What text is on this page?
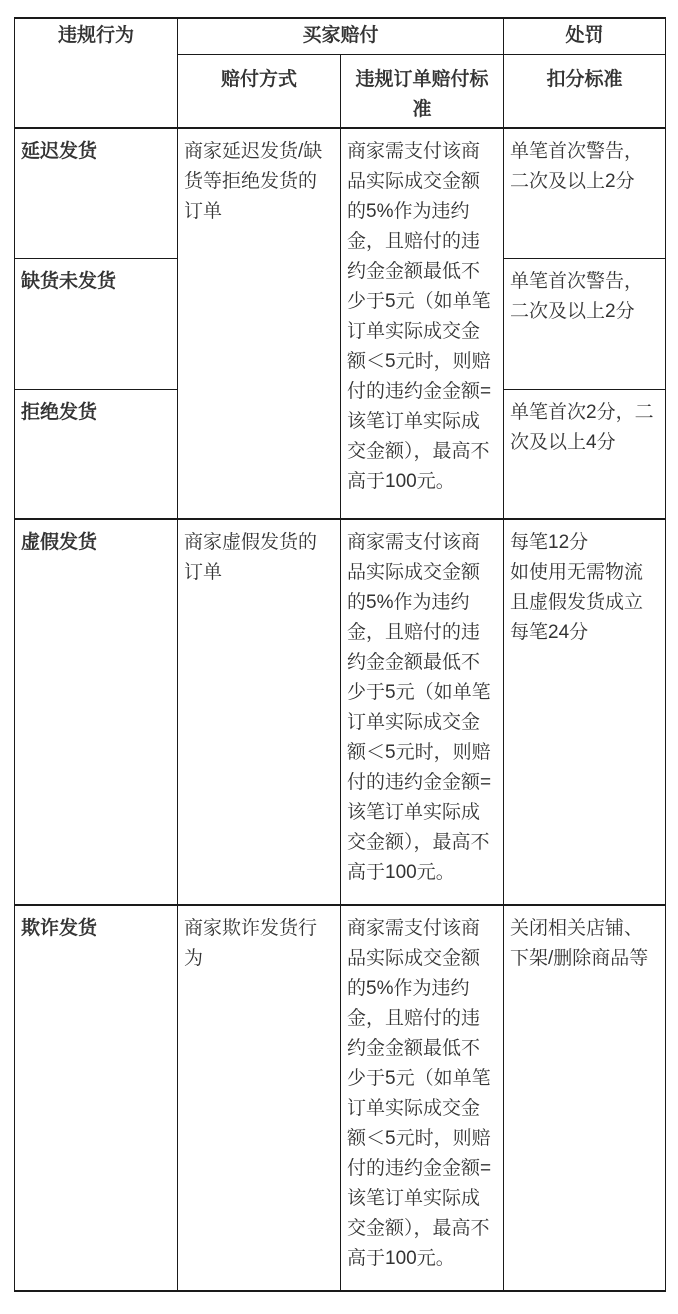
违规行为	买家赔付		处罚
	赔付方式	违规订单赔付标准	扣分标准
延迟发货	商家延迟发货/缺货等拒绝发货的订单	商家需支付该商品实际成交金额的5%作为违约金，且赔付的违约金金额最低不少于5元（如单笔订单实际成交金额＜5元时，则赔付的违约金金额=该笔订单实际成交金额），最高不高于100元。	单笔首次警告，二次及以上2分
缺货未发货			单笔首次警告，二次及以上2分
拒绝发货			单笔首次2分，二次及以上4分
虚假发货	商家虚假发货的订单	商家需支付该商品实际成交金额的5%作为违约金，且赔付的违约金金额最低不少于5元（如单笔订单实际成交金额＜5元时，则赔付的违约金金额=该笔订单实际成交金额），最高不高于100元。	每笔12分
如使用无需物流且虚假发货成立每笔24分

欺诈发货	商家欺诈发货行为	商家需支付该商品实际成交金额的5%作为违约金，且赔付的违约金金额最低不少于5元（如单笔订单实际成交金额＜5元时，则赔付的违约金金额=该笔订单实际成交金额），最高不高于100元。	关闭相关店铺、下架/删除商品等
